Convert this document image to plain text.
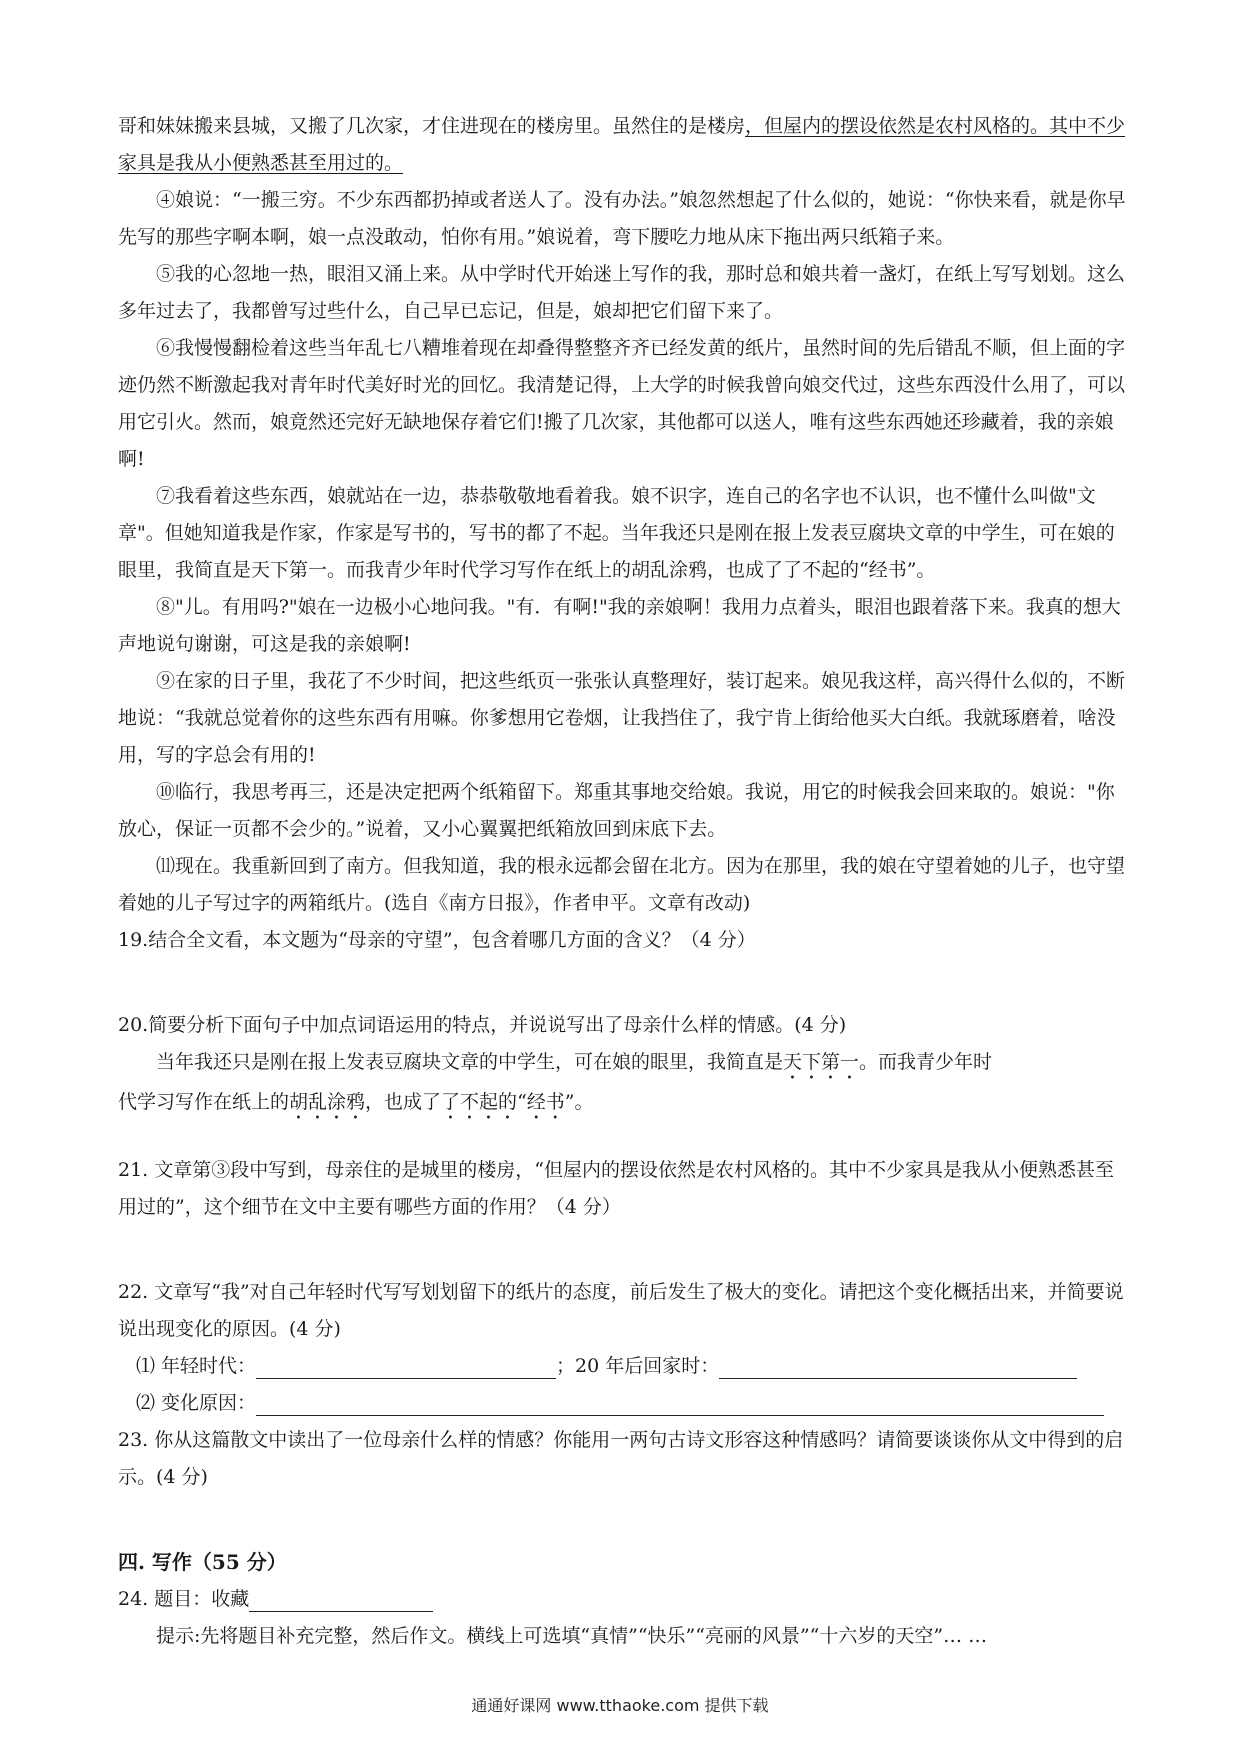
哥和妹妹搬来县城，又搬了几次家，才住进现在的楼房里。虽然住的是楼房，但屋内的摆设依然是农村风格的。其中不少家具是我从小便熟悉甚至用过的。

④娘说：“一搬三穷。不少东西都扔掉或者送人了。没有办法。”娘忽然想起了什么似的，她说：“你快来看，就是你早先写的那些字啊本啊，娘一点没敢动，怕你有用。”娘说着，弯下腰吃力地从床下拖出两只纸箱子来。

⑤我的心忽地一热，眼泪又涌上来。从中学时代开始迷上写作的我，那时总和娘共着一盏灯，在纸上写写划划。这么多年过去了，我都曾写过些什么，自己早已忘记，但是，娘却把它们留下来了。

⑥我慢慢翻检着这些当年乱七八糟堆着现在却叠得整整齐齐已经发黄的纸片，虽然时间的先后错乱不顺，但上面的字迹仍然不断激起我对青年时代美好时光的回忆。我清楚记得，上大学的时候我曾向娘交代过，这些东西没什么用了，可以用它引火。然而，娘竟然还完好无缺地保存着它们!搬了几次家，其他都可以送人，唯有这些东西她还珍藏着，我的亲娘啊!

⑦我看着这些东西，娘就站在一边，恭恭敬敬地看着我。娘不识字，连自己的名字也不认识，也不懂什么叫做"文章"。但她知道我是作家，作家是写书的，写书的都了不起。当年我还只是刚在报上发表豆腐块文章的中学生，可在娘的眼里，我简直是天下第一。而我青少年时代学习写作在纸上的胡乱涂鸦，也成了了不起的“经书”。

⑧"儿。有用吗?"娘在一边极小心地问我。"有．有啊!"我的亲娘啊！我用力点着头，眼泪也跟着落下来。我真的想大声地说句谢谢，可这是我的亲娘啊!

⑨在家的日子里，我花了不少时间，把这些纸页一张张认真整理好，装订起来。娘见我这样，高兴得什么似的，不断地说：“我就总觉着你的这些东西有用嘛。你爹想用它卷烟，让我挡住了，我宁肯上街给他买大白纸。我就琢磨着，啥没用，写的字总会有用的!

⑩临行，我思考再三，还是决定把两个纸箱留下。郑重其事地交给娘。我说，用它的时候我会回来取的。娘说："你放心，保证一页都不会少的。”说着，又小心翼翼把纸箱放回到床底下去。

⑾现在。我重新回到了南方。但我知道，我的根永远都会留在北方。因为在那里，我的娘在守望着她的儿子，也守望着她的儿子写过字的两箱纸片。(选自《南方日报》，作者申平。文章有改动)

19.结合全文看，本文题为“母亲的守望”，包含着哪几方面的含义？（4 分）

20.简要分析下面句子中加点词语运用的特点，并说说写出了母亲什么样的情感。(4 分)

当年我还只是刚在报上发表豆腐块文章的中学生，可在娘的眼里，我简直是天下第一。而我青少年时

代学习写作在纸上的胡乱涂鸦，也成了了不起的“经书”。

21. 文章第③段中写到，母亲住的是城里的楼房，“但屋内的摆设依然是农村风格的。其中不少家具是我从小便熟悉甚至用过的”，这个细节在文中主要有哪些方面的作用？（4 分）

22. 文章写“我”对自己年轻时代写写划划留下的纸片的态度，前后发生了极大的变化。请把这个变化概括出来，并简要说说出现变化的原因。(4 分)

⑴ 年轻时代：	；20 年后回家时：

⑵ 变化原因：

23. 你从这篇散文中读出了一位母亲什么样的情感？你能用一两句古诗文形容这种情感吗？请简要谈谈你从文中得到的启示。(4 分)

四. 写作（55 分）

24. 题目：收藏

提示:先将题目补充完整，然后作文。横线上可选填“真情”“快乐”“亮丽的风景”“十六岁的天空”… …

通通好课网 www.tthaoke.com 提供下载
